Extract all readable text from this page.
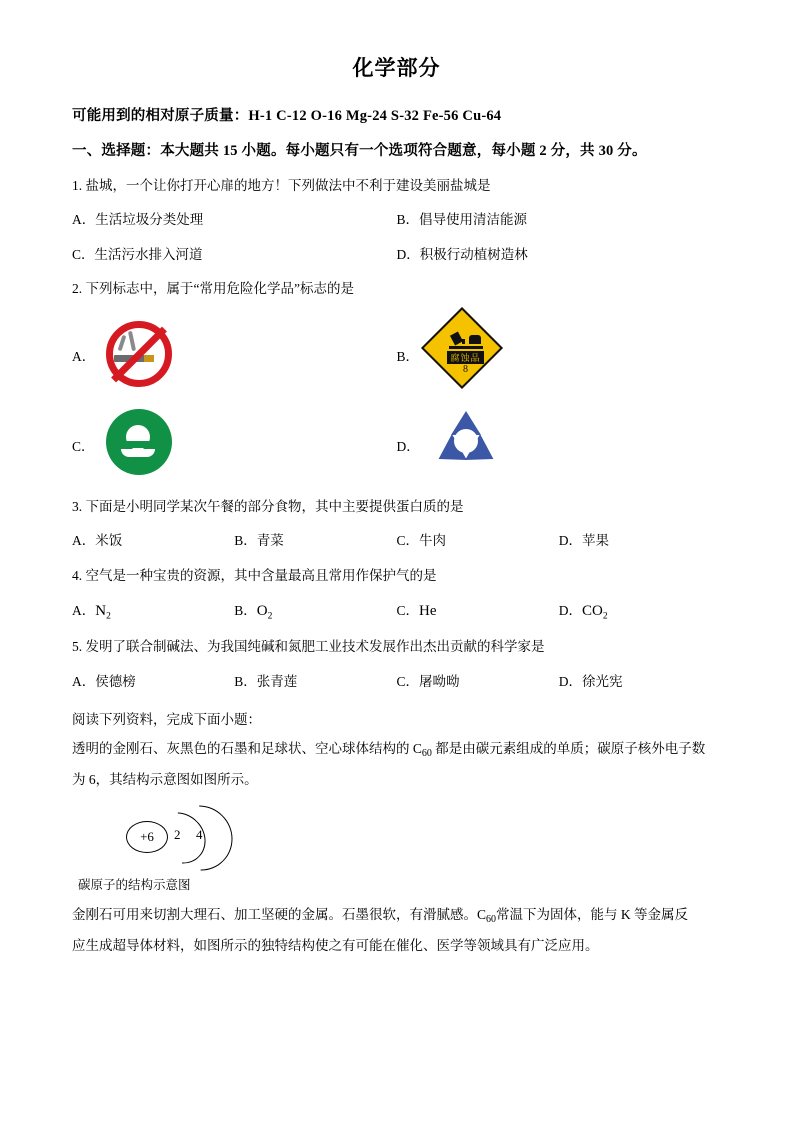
化学部分
可能用到的相对原子质量：H-1 C-12 O-16 Mg-24 S-32 Fe-56 Cu-64
一、选择题：本大题共 15 小题。每小题只有一个选项符合题意，每小题 2 分，共 30 分。
1. 盐城，一个让你打开心扉的地方！下列做法中不利于建设美丽盐城是
A．生活垃圾分类处理	B．倡导使用清洁能源
C．生活污水排入河道	D．积极行动植树造林
2. 下列标志中，属于“常用危险化学品”标志的是
A．	B．	腐蚀品
8
C．	D．
3. 下面是小明同学某次午餐的部分食物，其中主要提供蛋白质的是
A．米饭	B．青菜	C．牛肉	D．苹果
4. 空气是一种宝贵的资源，其中含量最高且常用作保护气的是
A．$N_2$	B．$O_2$	C．He	D．$CO_2$
5. 发明了联合制碱法、为我国纯碱和氮肥工业技术发展作出杰出贡献的科学家是
A．侯德榜	B．张青莲	C．屠呦呦	D．徐光宪

阅读下列资料，完成下面小题：

透明的金刚石、灰黑色的石墨和足球状、空心球体结构的 $C_{60}$ 都是由碳元素组成的单质；碳原子核外电子数

为 6，其结构示意图如图所示。

+6	2 4
碳原子的结构示意图

金刚石可用来切割大理石、加工坚硬的金属。石墨很软，有滑腻感。$C_{60}$常温下为固体，能与 K 等金属反

应生成超导体材料，如图所示的独特结构使之有可能在催化、医学等领域具有广泛应用。
